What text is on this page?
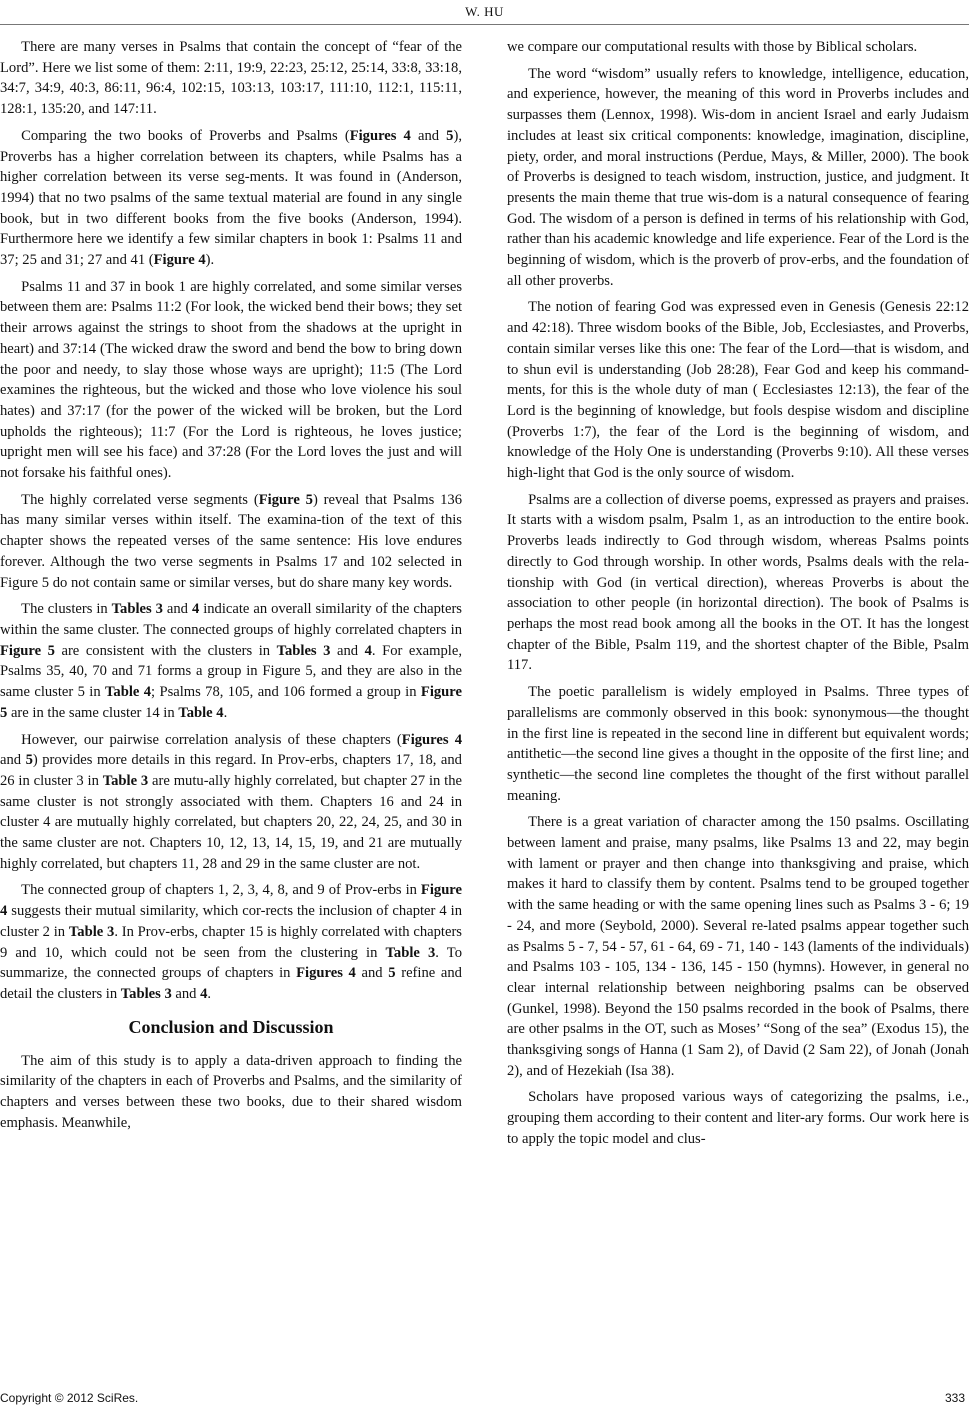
W. HU

There are many verses in Psalms that contain the concept of “fear of the Lord”. Here we list some of them: 2:11, 19:9, 22:23, 25:12, 25:14, 33:8, 33:18, 34:7, 34:9, 40:3, 86:11, 96:4, 102:15, 103:13, 103:17, 111:10, 112:1, 115:11, 128:1, 135:20, and 147:11.

Comparing the two books of Proverbs and Psalms (Figures 4 and 5), Proverbs has a higher correlation between its chapters, while Psalms has a higher correlation between its verse seg-ments. It was found in (Anderson, 1994) that no two psalms of the same textual material are found in any single book, but in two different books from the five books (Anderson, 1994). Furthermore here we identify a few similar chapters in book 1: Psalms 11 and 37; 25 and 31; 27 and 41 (Figure 4).

Psalms 11 and 37 in book 1 are highly correlated, and some similar verses between them are: Psalms 11:2 (For look, the wicked bend their bows; they set their arrows against the strings to shoot from the shadows at the upright in heart) and 37:14 (The wicked draw the sword and bend the bow to bring down the poor and needy, to slay those whose ways are upright); 11:5 (The Lord examines the righteous, but the wicked and those who love violence his soul hates) and 37:17 (for the power of the wicked will be broken, but the Lord upholds the righteous); 11:7 (For the Lord is righteous, he loves justice; upright men will see his face) and 37:28 (For the Lord loves the just and will not forsake his faithful ones).

The highly correlated verse segments (Figure 5) reveal that Psalms 136 has many similar verses within itself. The examina-tion of the text of this chapter shows the repeated verses of the same sentence: His love endures forever. Although the two verse segments in Psalms 17 and 102 selected in Figure 5 do not contain same or similar verses, but do share many key words.

The clusters in Tables 3 and 4 indicate an overall similarity of the chapters within the same cluster. The connected groups of highly correlated chapters in Figure 5 are consistent with the clusters in Tables 3 and 4. For example, Psalms 35, 40, 70 and 71 forms a group in Figure 5, and they are also in the same cluster 5 in Table 4; Psalms 78, 105, and 106 formed a group in Figure 5 are in the same cluster 14 in Table 4.

However, our pairwise correlation analysis of these chapters (Figures 4 and 5) provides more details in this regard. In Prov-erbs, chapters 17, 18, and 26 in cluster 3 in Table 3 are mutu-ally highly correlated, but chapter 27 in the same cluster is not strongly associated with them. Chapters 16 and 24 in cluster 4 are mutually highly correlated, but chapters 20, 22, 24, 25, and 30 in the same cluster are not. Chapters 10, 12, 13, 14, 15, 19, and 21 are mutually highly correlated, but chapters 11, 28 and 29 in the same cluster are not.

The connected group of chapters 1, 2, 3, 4, 8, and 9 of Prov-erbs in Figure 4 suggests their mutual similarity, which cor-rects the inclusion of chapter 4 in cluster 2 in Table 3. In Prov-erbs, chapter 15 is highly correlated with chapters 9 and 10, which could not be seen from the clustering in Table 3. To summarize, the connected groups of chapters in Figures 4 and 5 refine and detail the clusters in Tables 3 and 4.

Conclusion and Discussion

The aim of this study is to apply a data-driven approach to finding the similarity of the chapters in each of Proverbs and Psalms, and the similarity of chapters and verses between these two books, due to their shared wisdom emphasis. Meanwhile,

we compare our computational results with those by Biblical scholars.

The word “wisdom” usually refers to knowledge, intelligence, education, and experience, however, the meaning of this word in Proverbs includes and surpasses them (Lennox, 1998). Wis-dom in ancient Israel and early Judaism includes at least six critical components: knowledge, imagination, discipline, piety, order, and moral instructions (Perdue, Mays, & Miller, 2000). The book of Proverbs is designed to teach wisdom, instruction, justice, and judgment. It presents the main theme that true wis-dom is a natural consequence of fearing God. The wisdom of a person is defined in terms of his relationship with God, rather than his academic knowledge and life experience. Fear of the Lord is the beginning of wisdom, which is the proverb of prov-erbs, and the foundation of all other proverbs.

The notion of fearing God was expressed even in Genesis (Genesis 22:12 and 42:18). Three wisdom books of the Bible, Job, Ecclesiastes, and Proverbs, contain similar verses like this one: The fear of the Lord—that is wisdom, and to shun evil is understanding (Job 28:28), Fear God and keep his command-ments, for this is the whole duty of man ( Ecclesiastes 12:13), the fear of the Lord is the beginning of knowledge, but fools despise wisdom and discipline (Proverbs 1:7), the fear of the Lord is the beginning of wisdom, and knowledge of the Holy One is understanding (Proverbs 9:10). All these verses high-light that God is the only source of wisdom.

Psalms are a collection of diverse poems, expressed as prayers and praises. It starts with a wisdom psalm, Psalm 1, as an introduction to the entire book. Proverbs leads indirectly to God through wisdom, whereas Psalms points directly to God through worship. In other words, Psalms deals with the rela-tionship with God (in vertical direction), whereas Proverbs is about the association to other people (in horizontal direction). The book of Psalms is perhaps the most read book among all the books in the OT. It has the longest chapter of the Bible, Psalm 119, and the shortest chapter of the Bible, Psalm 117.

The poetic parallelism is widely employed in Psalms. Three types of parallelisms are commonly observed in this book: synonymous—the thought in the first line is repeated in the second line in different but equivalent words; antithetic—the second line gives a thought in the opposite of the first line; and synthetic—the second line completes the thought of the first without parallel meaning.

There is a great variation of character among the 150 psalms. Oscillating between lament and praise, many psalms, like Psalms 13 and 22, may begin with lament or prayer and then change into thanksgiving and praise, which makes it hard to classify them by content. Psalms tend to be grouped together with the same heading or with the same opening lines such as Psalms 3 - 6; 19 - 24, and more (Seybold, 2000). Several re-lated psalms appear together such as Psalms 5 - 7, 54 - 57, 61 - 64, 69 - 71, 140 - 143 (laments of the individuals) and Psalms 103 - 105, 134 - 136, 145 - 150 (hymns). However, in general no clear internal relationship between neighboring psalms can be observed (Gunkel, 1998). Beyond the 150 psalms recorded in the book of Psalms, there are other psalms in the OT, such as Moses’ “Song of the sea” (Exodus 15), the thanksgiving songs of Hanna (1 Sam 2), of David (2 Sam 22), of Jonah (Jonah 2), and of Hezekiah (Isa 38).

Scholars have proposed various ways of categorizing the psalms, i.e., grouping them according to their content and liter-ary forms. Our work here is to apply the topic model and clus-

Copyright © 2012 SciRes.	333
